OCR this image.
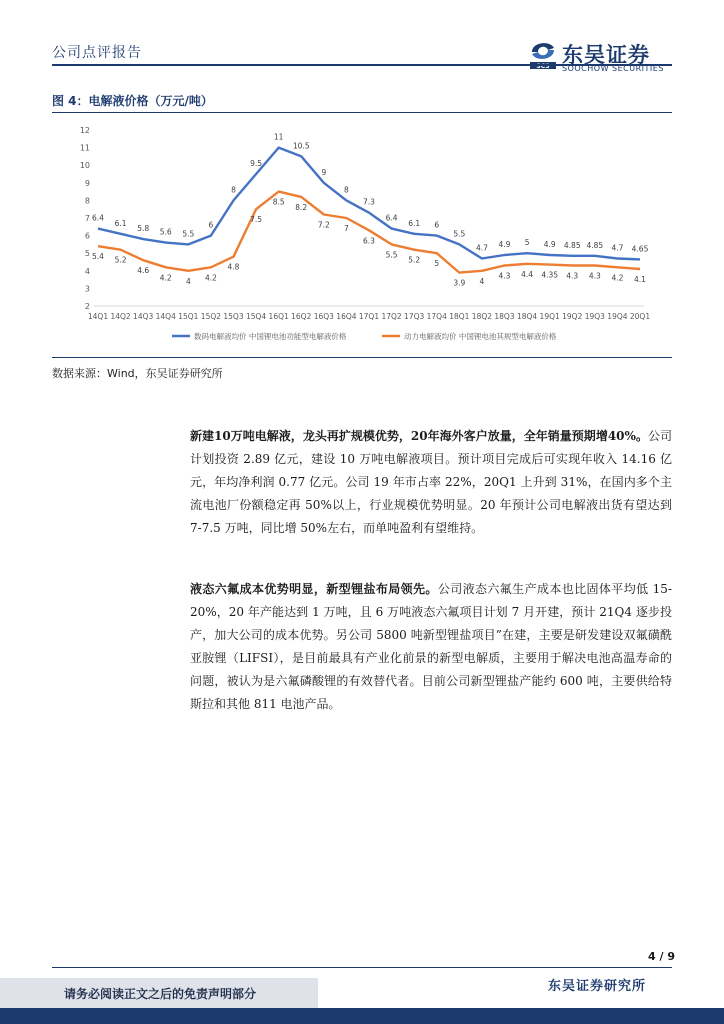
公司点评报告
SCS 东吴证券
SOOCHOW SECURITIES
图 4：电解液价格（万元/吨）
2
3
4
5
6
7
8
9
10
11
12
14Q1 14Q2 14Q3 14Q4 15Q1 15Q2 15Q3 15Q4 16Q1 16Q2 16Q3 16Q4 17Q1 17Q2 17Q3 17Q4 18Q1 18Q2 18Q3 18Q4 19Q1 19Q2 19Q3 19Q4 20Q1
6.4
6.1
5.8 5.6 5.5
6
8
9.5
11
10.5
9
8
7.3
6.4
6.1 6
5.5
4.7 4.9 5 4.9 4.85 4.85 4.7 4.65
5.4 5.2
4.6
4.2 4 4.2
4.8
7.5
8.5
8.2
7.2 7
6.3
5.5
5.2 5
3.9 4
4.3 4.4 4.35 4.3 4.3 4.2 4.1
数码电解液均价 中国锂电池功能型电解液价格	动力电解液均价 中国锂电池其规型电解液价格
数据来源：Wind，东吴证券研究所
新建10万吨电解液，龙头再扩规模优势，20年海外客户放量，全年销量预期增40%。公司计划投资 2.89 亿元，建设 10 万吨电解液项目。预计项目完成后可实现年收入 14.16 亿元，年均净利润 0.77 亿元。公司 19 年市占率 22%，20Q1 上升到 31%，在国内多个主流电池厂份额稳定再 50%以上，行业规模优势明显。20 年预计公司电解液出货有望达到 7-7.5 万吨，同比增 50%左右，而单吨盈利有望维持。
液态六氟成本优势明显，新型锂盐布局领先。公司液态六氟生产成本也比固体平均低 15-20%，20 年产能达到 1 万吨，且 6 万吨液态六氟项目计划 7 月开建，预计 21Q4 逐步投产，加大公司的成本优势。另公司 5800 吨新型锂盐项目”在建，主要是研发建设双氟磺酰亚胺锂（LIFSI），是目前最具有产业化前景的新型电解质，主要用于解决电池高温寿命的问题，被认为是六氟磷酸锂的有效替代者。目前公司新型锂盐产能约 600 吨，主要供给特斯拉和其他 811 电池产品。
4 / 9
请务必阅读正文之后的免责声明部分	东吴证券研究所
